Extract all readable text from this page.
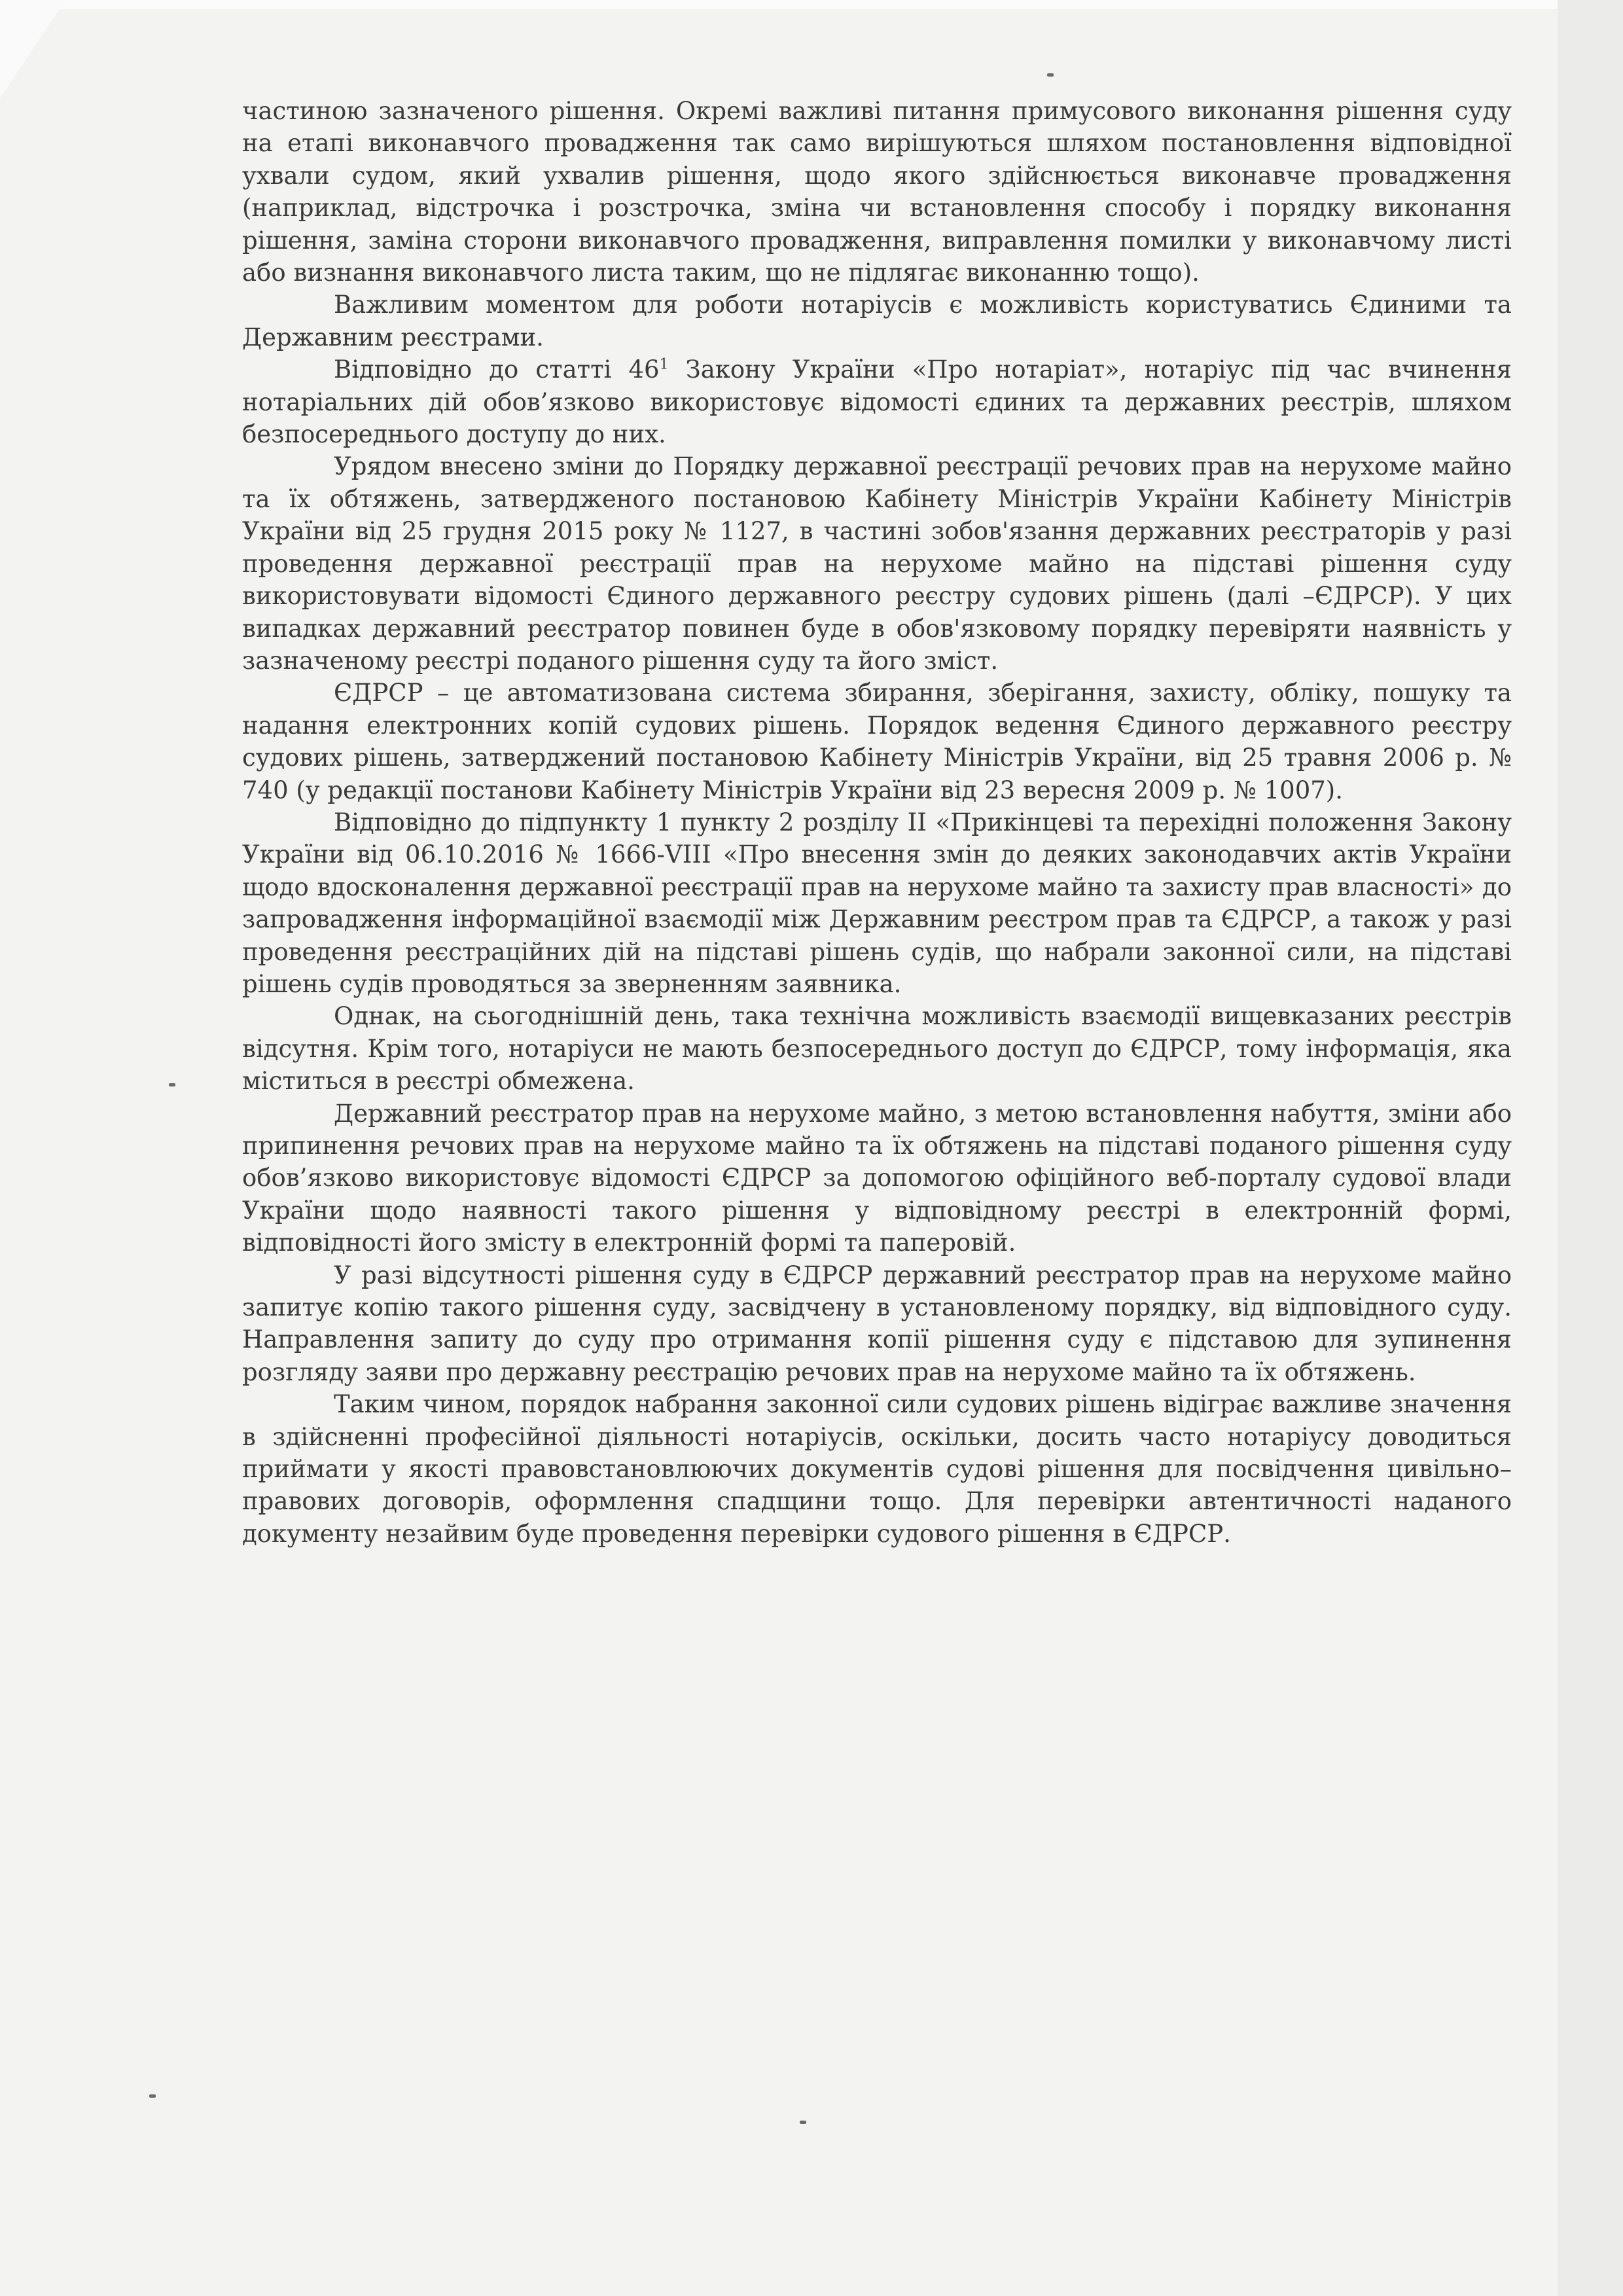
частиною зазначеного рішення. Окремі важливі питання примусового виконання рішення суду на етапі виконавчого провадження так само вирішуються шляхом постановлення відповідної ухвали судом, який ухвалив рішення, щодо якого здійснюється виконавче провадження (наприклад, відстрочка і розстрочка, зміна чи встановлення способу і порядку виконання рішення, заміна сторони виконавчого провадження, виправлення помилки у виконавчому листі або визнання виконавчого листа таким, що не підлягає виконанню тощо).

Важливим моментом для роботи нотаріусів є можливість користуватись Єдиними та Державним реєстрами.

Відповідно до статті $46^1$ Закону України «Про нотаріат», нотаріус під час вчинення нотаріальних дій обов’язково використовує відомості єдиних та державних реєстрів, шляхом безпосереднього доступу до них.

Урядом внесено зміни до Порядку державної реєстрації речових прав на нерухоме майно та їх обтяжень, затвердженого постановою Кабінету Міністрів України Кабінету Міністрів України від 25 грудня 2015 року № 1127, в частині зобов'язання державних реєстраторів у разі проведення державної реєстрації прав на нерухоме майно на підставі рішення суду використовувати відомості Єдиного державного реєстру судових рішень (далі –ЄДРСР). У цих випадках державний реєстратор повинен буде в обов'язковому порядку перевіряти наявність у зазначеному реєстрі поданого рішення суду та його зміст.

ЄДРСР – це автоматизована система збирання, зберігання, захисту, обліку, пошуку та надання електронних копій судових рішень. Порядок ведення Єдиного державного реєстру судових рішень, затверджений постановою Кабінету Міністрів України, від 25 травня 2006 р. № 740 (у редакції постанови Кабінету Міністрів України від 23 вересня 2009 р. № 1007).

Відповідно до підпункту 1 пункту 2 розділу II «Прикінцеві та перехідні положення Закону України від 06.10.2016 № 1666-VIII «Про внесення змін до деяких законодавчих актів України щодо вдосконалення державної реєстрації прав на нерухоме майно та захисту прав власності» до запровадження інформаційної взаємодії між Державним реєстром прав та ЄДРСР, а також у разі проведення реєстраційних дій на підставі рішень судів, що набрали законної сили, на підставі рішень судів проводяться за зверненням заявника.

Однак, на сьогоднішній день, така технічна можливість взаємодії вищевказаних реєстрів відсутня. Крім того, нотаріуси не мають безпосереднього доступ до ЄДРСР, тому інформація, яка міститься в реєстрі обмежена.

Державний реєстратор прав на нерухоме майно, з метою встановлення набуття, зміни або припинення речових прав на нерухоме майно та їх обтяжень на підставі поданого рішення суду обов’язково використовує відомості ЄДРСР за допомогою офіційного веб-порталу судової влади України щодо наявності такого рішення у відповідному реєстрі в електронній формі, відповідності його змісту в електронній формі та паперовій.

У разі відсутності рішення суду в ЄДРСР державний реєстратор прав на нерухоме майно запитує копію такого рішення суду, засвідчену в установленому порядку, від відповідного суду. Направлення запиту до суду про отримання копії рішення суду є підставою для зупинення розгляду заяви про державну реєстрацію речових прав на нерухоме майно та їх обтяжень.

Таким чином, порядок набрання законної сили судових рішень відіграє важливе значення в здійсненні професійної діяльності нотаріусів, оскільки, досить часто нотаріусу доводиться приймати у якості правовстановлюючих документів судові рішення для посвідчення цивільно–правових договорів, оформлення спадщини тощо. Для перевірки автентичності наданого документу незайвим буде проведення перевірки судового рішення в ЄДРСР.
